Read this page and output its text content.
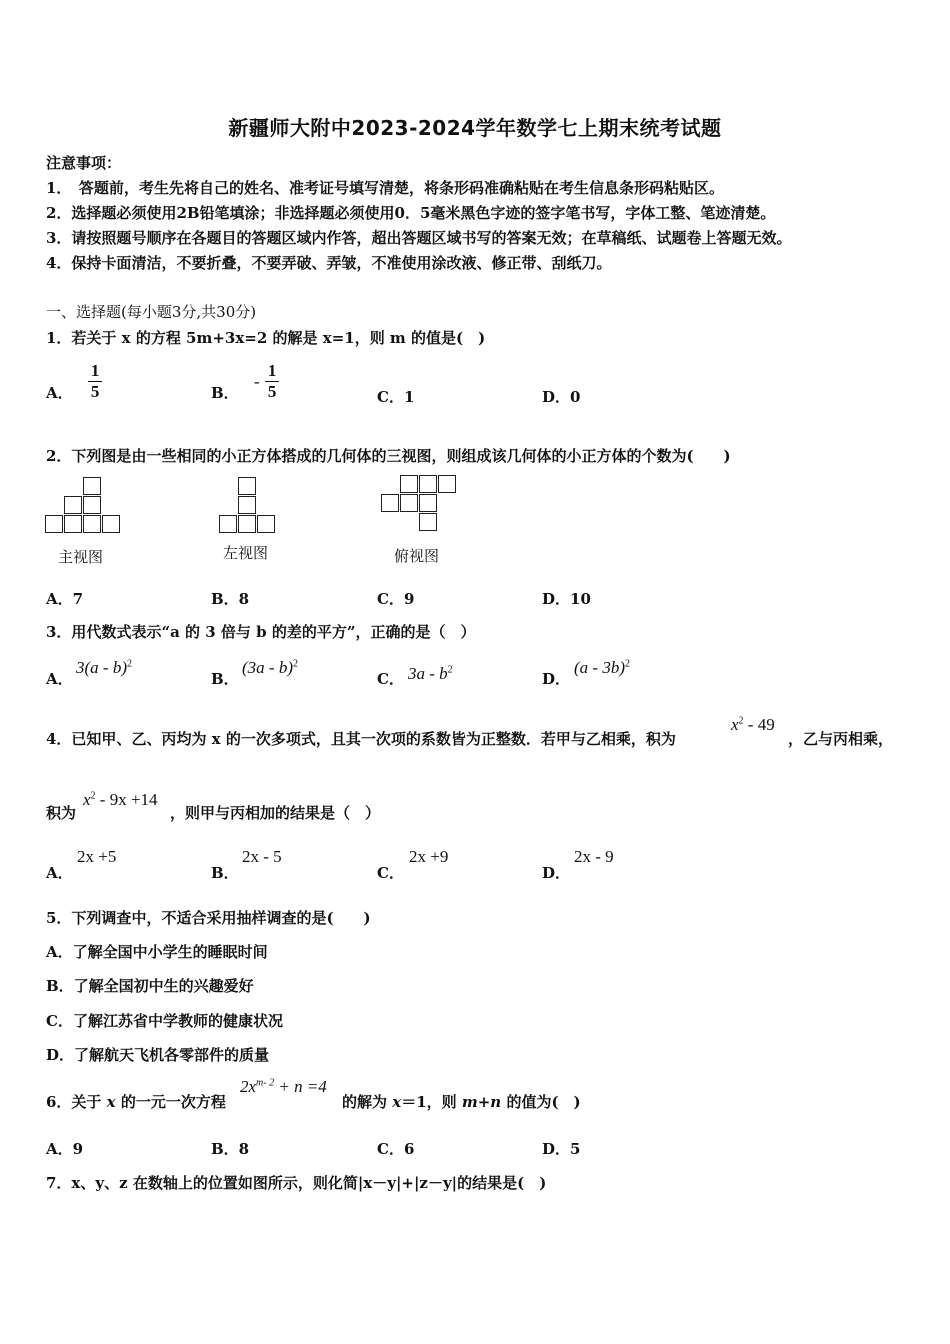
新疆师大附中2023-2024学年数学七上期末统考试题
注意事项：
1．　答题前，考生先将自己的姓名、准考证号填写清楚，将条形码准确粘贴在考生信息条形码粘贴区。
2．选择题必须使用2B铅笔填涂；非选择题必须使用0．5毫米黑色字迹的签字笔书写，字体工整、笔迹清楚。
3．请按照题号顺序在各题目的答题区域内作答，超出答题区域书写的答案无效；在草稿纸、试题卷上答题无效。
4．保持卡面清洁，不要折叠，不要弄破、弄皱，不准使用涂改液、修正带、刮纸刀。
一、选择题(每小题3分,共30分)
1．若关于 x 的方程 5m+3x=2 的解是 x=1，则 m 的值是(　)
A． $\frac{1}{5}$	B． - $\frac{1}{5}$	C．1	D．0
2．下列图是由一些相同的小正方体搭成的几何体的三视图，则组成该几何体的小正方体的个数为(　　)
主视图	左视图	俯视图
A．7	B．8	C．9	D．10
3．用代数式表示“a 的 3 倍与 b 的差的平方”，正确的是（　）
A．
3(a - b)$^2$
B．
(3a - b)$^2$
C． $3a - b^2$
D．
(a - 3b)$^2$
4．已知甲、乙、丙均为 x 的一次多项式，且其一次项的系数皆为正整数．若甲与乙相乘，积为
$x^2 - 49$
，乙与丙相乘，
积为
$x^2 - 9x +14$
，则甲与丙相加的结果是（　）
A．
2x +5
B．
2x - 5
C．
2x +9
D．
2x - 9
5．下列调查中，不适合采用抽样调查的是(　　)
A．了解全国中小学生的睡眠时间
B．了解全国初中生的兴趣爱好
C．了解江苏省中学教师的健康状况
D．了解航天飞机各零部件的质量
6．关于 x 的一元一次方程
$2x^{m- 2} + n =4$
的解为 x＝1，则 m+n 的值为(　)
A．9	B．8	C．6	D．5
7．x、y、z 在数轴上的位置如图所示，则化简|x－y|+|z－y|的结果是(　)
